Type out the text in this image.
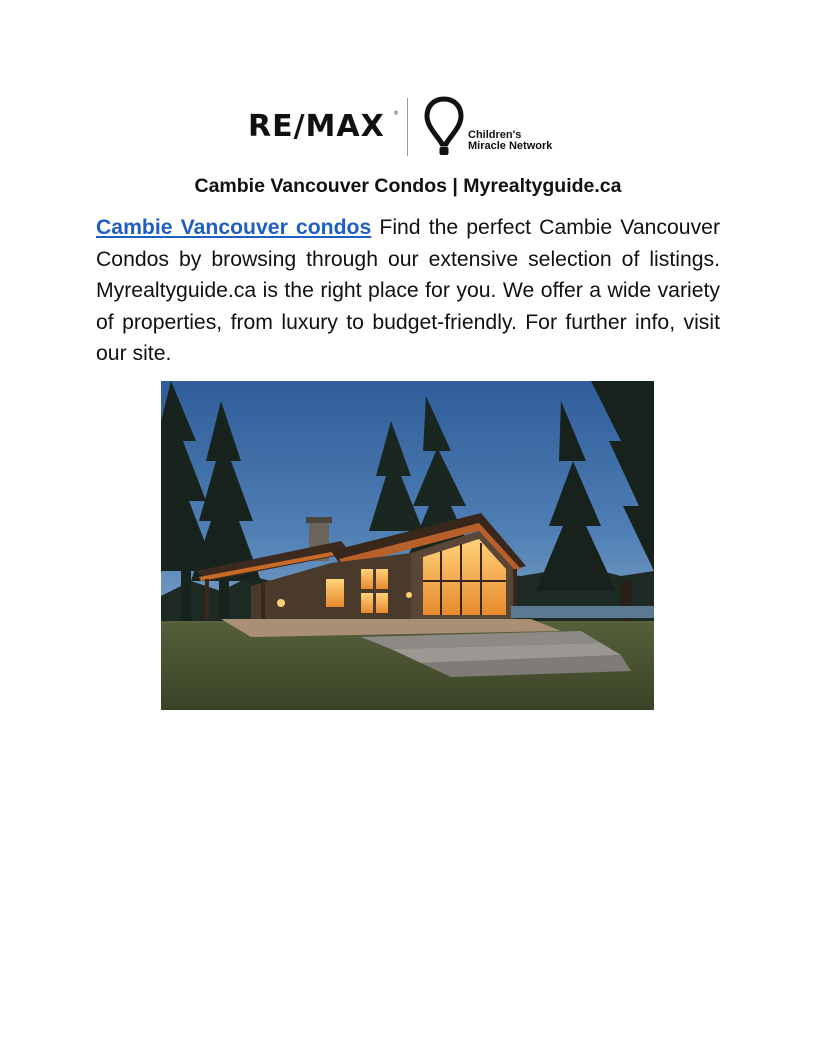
RE/MAX ®
Children's
Miracle Network
Cambie Vancouver Condos | Myrealtyguide.ca

Cambie Vancouver condos Find the perfect Cambie Vancouver Condos by browsing through our extensive selection of listings. Myrealtyguide.ca is the right place for you. We offer a wide variety of properties, from luxury to budget-friendly. For further info, visit our site.
